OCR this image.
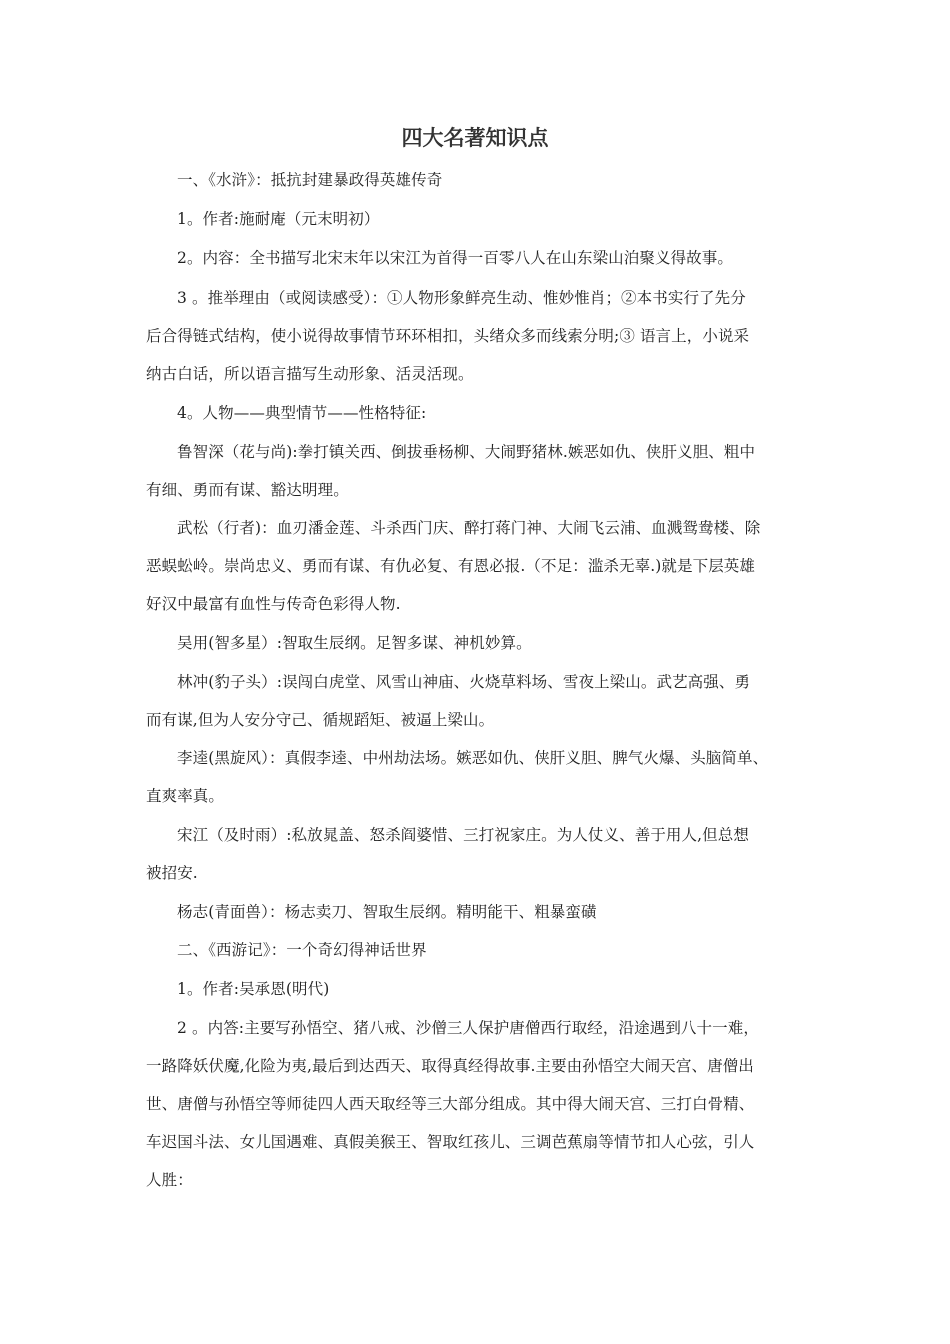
四大名著知识点
一、《水浒》：抵抗封建暴政得英雄传奇
1。作者:施耐庵（元末明初）
2。内容：全书描写北宋末年以宋江为首得一百零八人在山东梁山泊聚义得故事。
3 。推举理由（或阅读感受）：①人物形象鲜亮生动、惟妙惟肖；②本书实行了先分
后合得链式结构，使小说得故事情节环环相扣，头绪众多而线索分明;③ 语言上，小说采
纳古白话，所以语言描写生动形象、活灵活现。
4。人物——典型情节——性格特征:
鲁智深（花与尚):拳打镇关西、倒拔垂杨柳、大闹野猪林.嫉恶如仇、侠肝义胆、粗中
有细、勇而有谋、豁达明理。
武松（行者)：血刃潘金莲、斗杀西门庆、醉打蒋门神、大闹飞云浦、血溅鸳鸯楼、除
恶蜈蚣岭。崇尚忠义、勇而有谋、有仇必复、有恩必报.（不足：滥杀无辜.)就是下层英雄
好汉中最富有血性与传奇色彩得人物.
吴用(智多星）:智取生辰纲。足智多谋、神机妙算。
林冲(豹子头）:误闯白虎堂、风雪山神庙、火烧草料场、雪夜上梁山。武艺高强、勇
而有谋,但为人安分守己、循规蹈矩、被逼上梁山。
李逵(黑旋风）：真假李逵、中州劫法场。嫉恶如仇、侠肝义胆、脾气火爆、头脑简单、
直爽率真。
宋江（及时雨）:私放晁盖、怒杀阎婆惜、三打祝家庄。为人仗义、善于用人,但总想
被招安.
杨志(青面兽）：杨志卖刀、智取生辰纲。精明能干、粗暴蛮磺
二、《西游记》：一个奇幻得神话世界
1。作者:吴承恩(明代)
2 。内答:主要写孙悟空、猪八戒、沙僧三人保护唐僧西行取经，沿途遇到八十一难，
一路降妖伏魔,化险为夷,最后到达西天、取得真经得故事.主要由孙悟空大闹天宫、唐僧出
世、唐僧与孙悟空等师徒四人西天取经等三大部分组成。其中得大闹天宫、三打白骨精、
车迟国斗法、女儿国遇难、真假美猴王、智取红孩儿、三调芭蕉扇等情节扣人心弦，引人
人胜：
